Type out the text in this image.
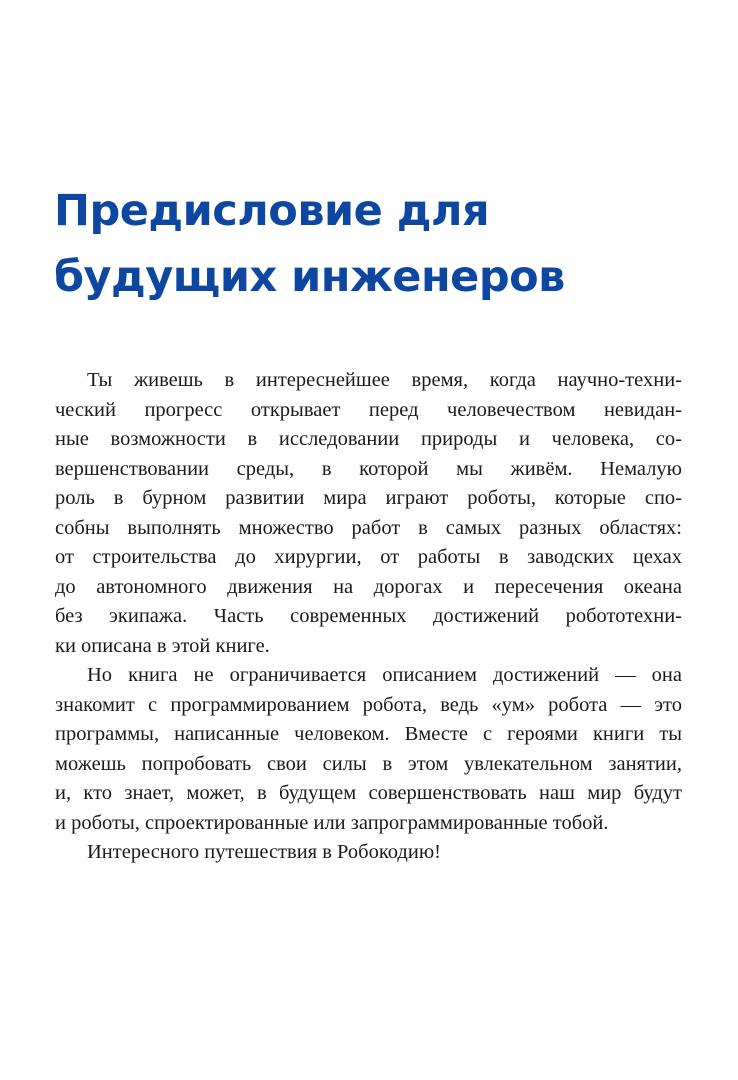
Предисловие для
будущих инженеров
Ты живешь в интереснейшее время, когда научно-техни-
ческий прогресс открывает перед человечеством невидан-
ные возможности в исследовании природы и человека, со-
вершенствовании среды, в которой мы живём. Немалую
роль в бурном развитии мира играют роботы, которые спо-
собны выполнять множество работ в самых разных областях:
от строительства до хирургии, от работы в заводских цехах
до автономного движения на дорогах и пересечения океана
без экипажа. Часть современных достижений робототехни-
ки описана в этой книге.
Но книга не ограничивается описанием достижений — она
знакомит с программированием робота, ведь «ум» робота — это
программы, написанные человеком. Вместе с героями книги ты
можешь попробовать свои силы в этом увлекательном занятии,
и, кто знает, может, в будущем совершенствовать наш мир будут
и роботы, спроектированные или запрограммированные тобой.
Интересного путешествия в Робокодию!
